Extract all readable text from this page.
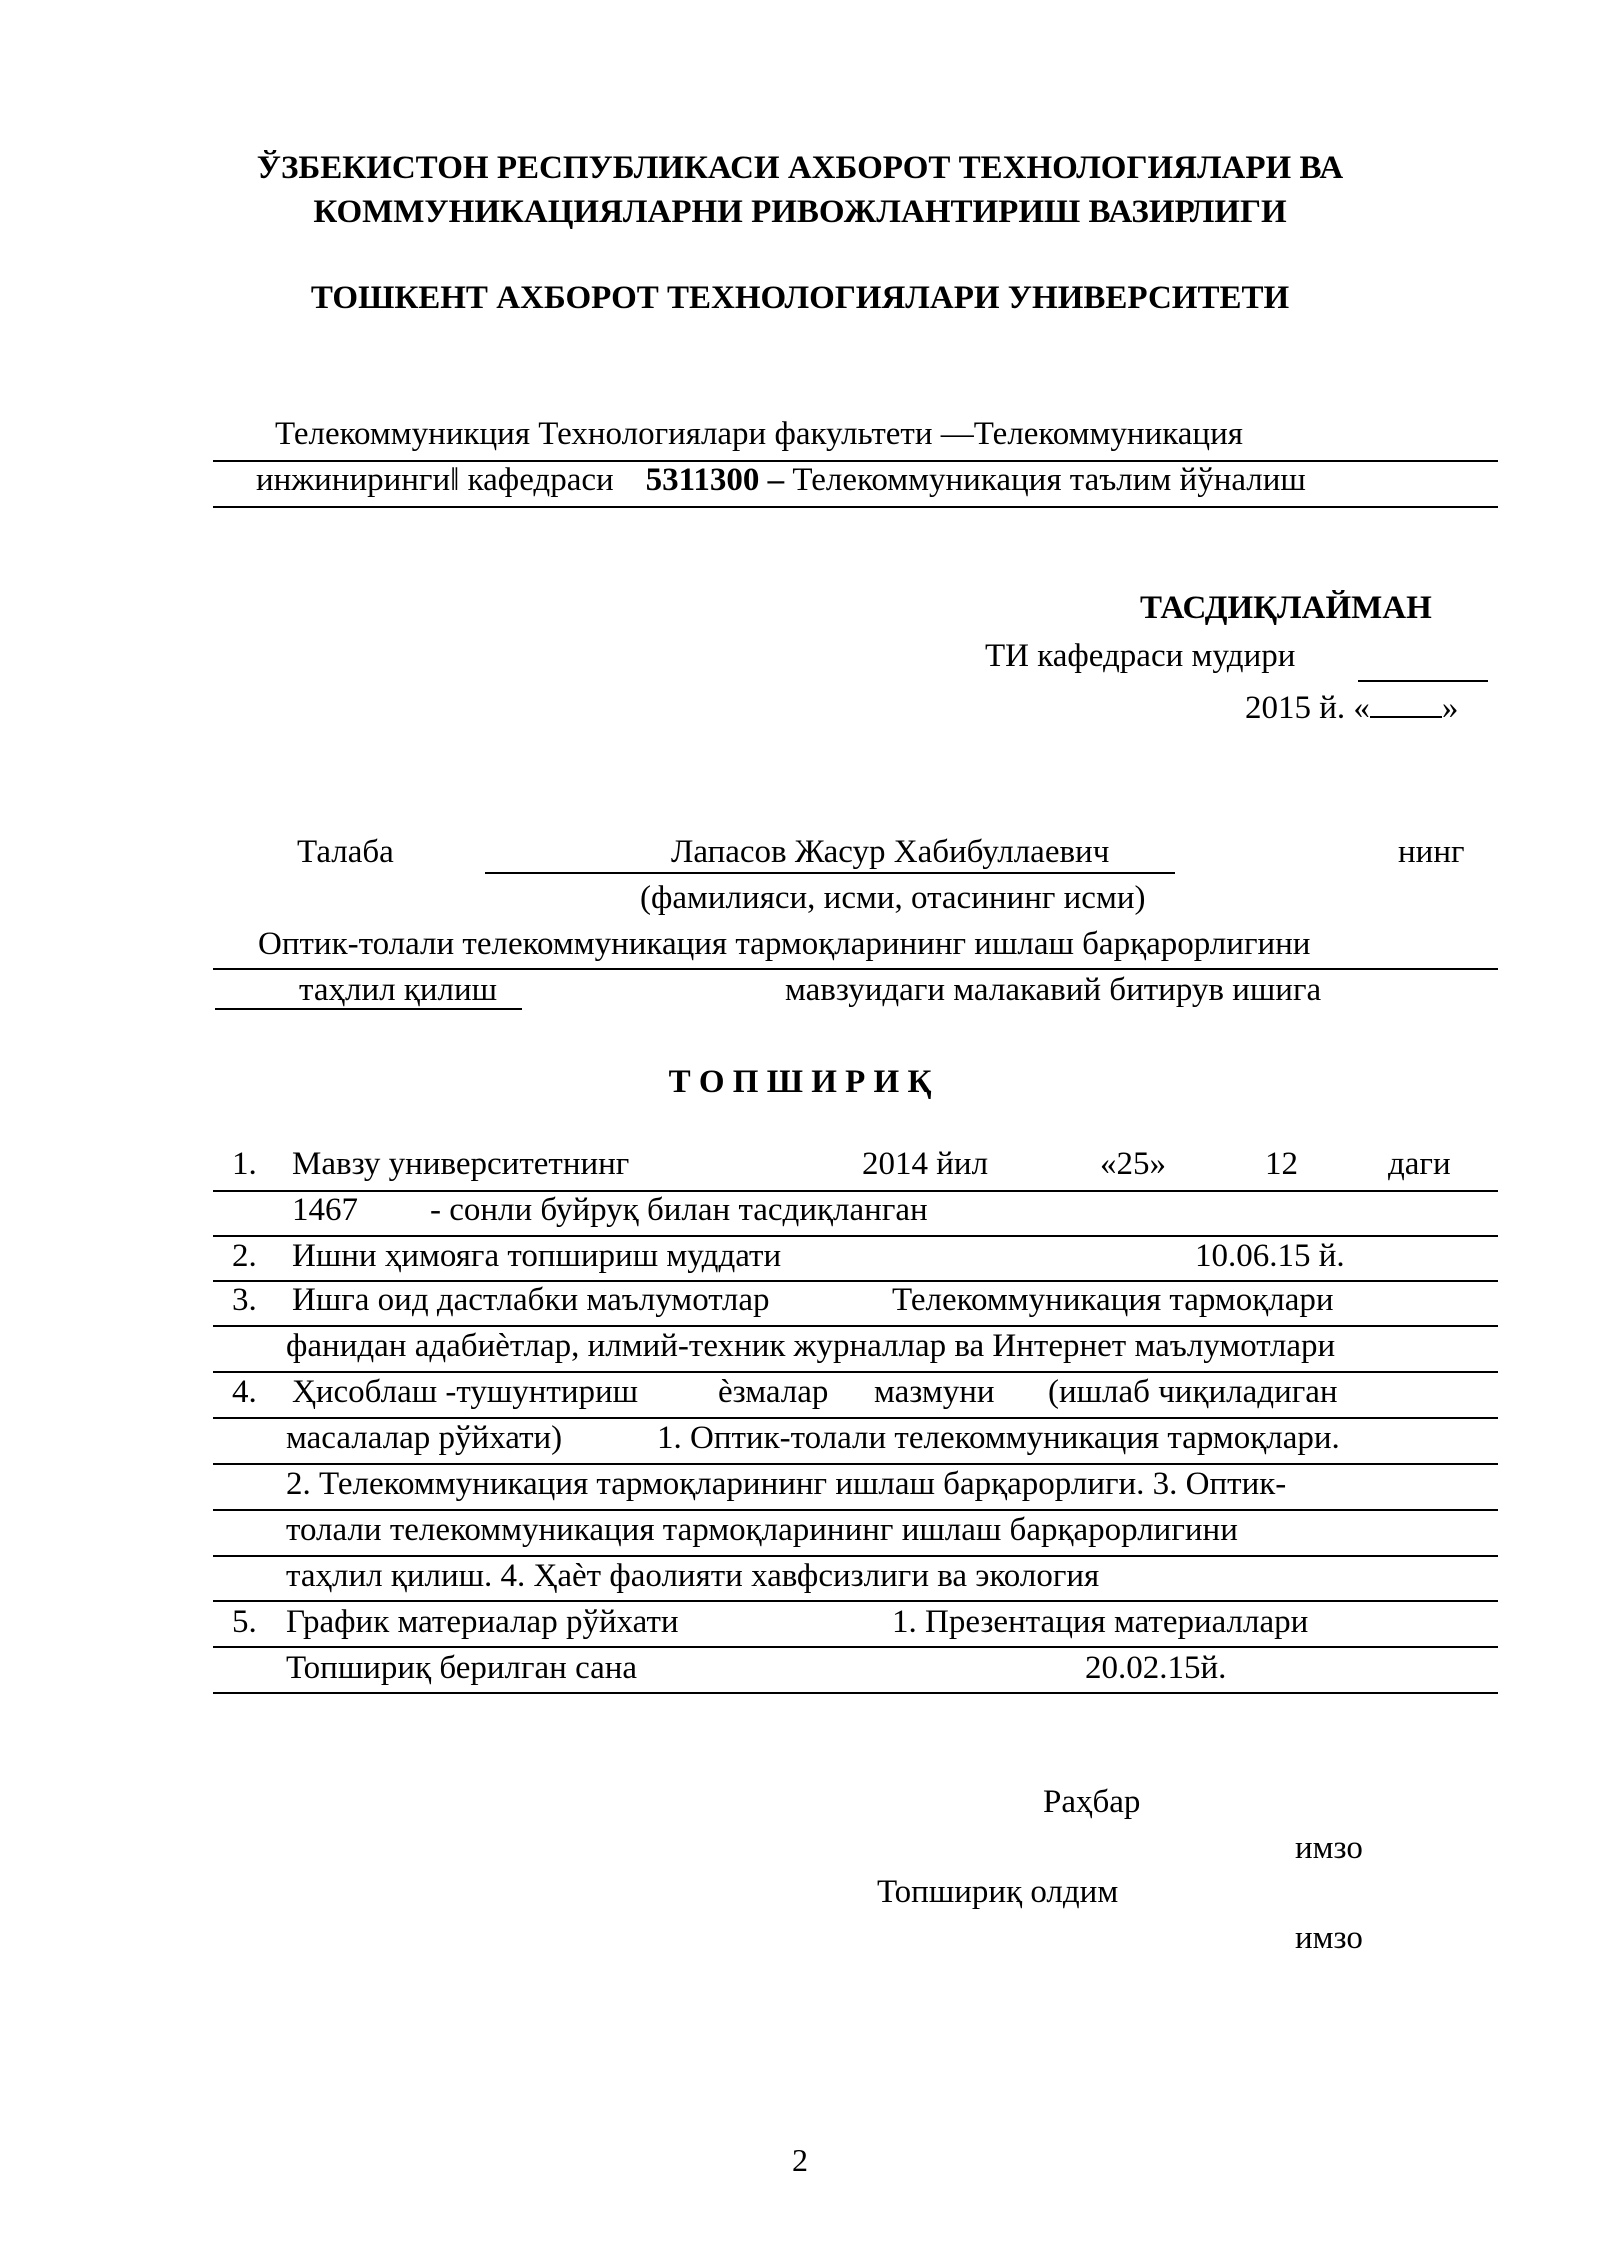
ЎЗБЕКИСТОН РЕСПУБЛИКАСИ АХБОРОТ ТЕХНОЛОГИЯЛАРИ ВА
КОММУНИКАЦИЯЛАРНИ РИВОЖЛАНТИРИШ ВАЗИРЛИГИ
ТОШКЕНТ АХБОРОТ ТЕХНОЛОГИЯЛАРИ УНИВЕРСИТЕТИ
Телекоммуникция Технологиялари факультети ―Телекоммуникация
инжиниринги‖ кафедраси 5311300 – Телекоммуникация таълим йўналиш
ТАСДИҚЛАЙМАН
ТИ кафедраси мудири
2015 й. « »
Талаба	Лапасов Жасур Хабибуллаевич	нинг
(фамилияси, исми, отасининг исми)
Оптик-толали телекоммуникация тармоқларининг ишлаш барқарорлигини
таҳлил қилиш	мавзуидаги малакавий битирув ишига
Т О П Ш И Р И Қ
1. Мавзу университетнинг	2014 йил	«25»	12	даги
1467 - сонли буйруқ билан тасдиқланган
2. Ишни ҳимояга топшириш муддати	10.06.15 й.
3. Ишга оид дастлабки маълумотлар	Телекоммуникация тармоқлари
фанидан адабиѐтлар, илмий-техник журналлар ва Интернет маълумотлари
4. Ҳисоблаш -тушунтириш ѐзмалар мазмуни (ишлаб чиқиладиган
масалалар рўйхати)	1. Оптик-толали телекоммуникация тармоқлари.
2. Телекоммуникация тармоқларининг ишлаш барқарорлиги. 3. Оптик-
толали телекоммуникация тармоқларининг ишлаш барқарорлигини
таҳлил қилиш. 4. Ҳаѐт фаолияти хавфсизлиги ва экология
5. График материалар рўйхати	1. Презентация материаллари
Топшириқ берилган сана	20.02.15й.
Раҳбар
имзо
Топшириқ олдим
имзо
2
